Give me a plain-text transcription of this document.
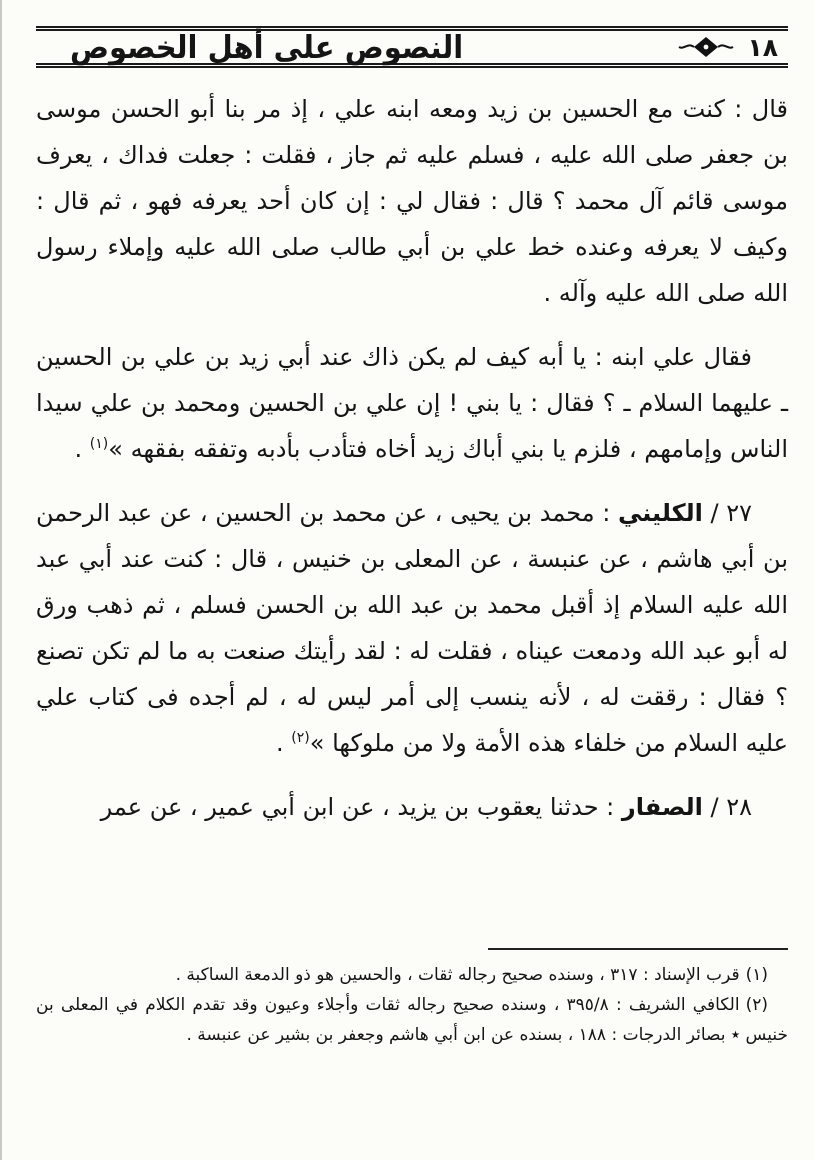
١٨
النصوص على أهل الخصوص

قال : كنت مع الحسين بن زيد ومعه ابنه علي ، إذ مر بنا أبو الحسن موسى بن جعفر صلى الله عليه ، فسلم عليه ثم جاز ، فقلت : جعلت فداك ، يعرف موسى قائم آل محمد ؟ قال : فقال لي : إن كان أحد يعرفه فهو ، ثم قال : وكيف لا يعرفه وعنده خط علي بن أبي طالب صلى الله عليه وإملاء رسول الله صلى الله عليه وآله .

فقال علي ابنه : يا أبه كيف لم يكن ذاك عند أبي زيد بن علي بن الحسين ـ عليهما السلام ـ ؟ فقال : يا بني ! إن علي بن الحسين ومحمد بن علي سيدا الناس وإمامهم ، فلزم يا بني أباك زيد أخاه فتأدب بأدبه وتفقه بفقهه »$^{(١)}$ .

٢٧ / الكليني : محمد بن يحيى ، عن محمد بن الحسين ، عن عبد الرحمن بن أبي هاشم ، عن عنبسة ، عن المعلى بن خنيس ، قال : كنت عند أبي عبد الله عليه السلام إذ أقبل محمد بن عبد الله بن الحسن فسلم ، ثم ذهب ورق له أبو عبد الله ودمعت عيناه ، فقلت له : لقد رأيتك صنعت به ما لم تكن تصنع ؟ فقال : رققت له ، لأنه ينسب إلى أمر ليس له ، لم أجده فى كتاب علي عليه السلام من خلفاء هذه الأمة ولا من ملوكها »$^{(٢)}$ .

٢٨ / الصفار : حدثنا يعقوب بن يزيد ، عن ابن أبي عمير ، عن عمر

(١)قرب الإسناد : ٣١٧ ، وسنده صحيح رجاله ثقات ، والحسين هو ذو الدمعة الساكبة .

(٢)الكافي الشريف : ٣٩٥/٨ ، وسنده صحيح رجاله ثقات وأجلاء وعيون وقد تقدم الكلام في المعلى بن خنيس ٭ بصائر الدرجات : ١٨٨ ، بسنده عن ابن أبي هاشم وجعفر بن بشير عن عنبسة .
